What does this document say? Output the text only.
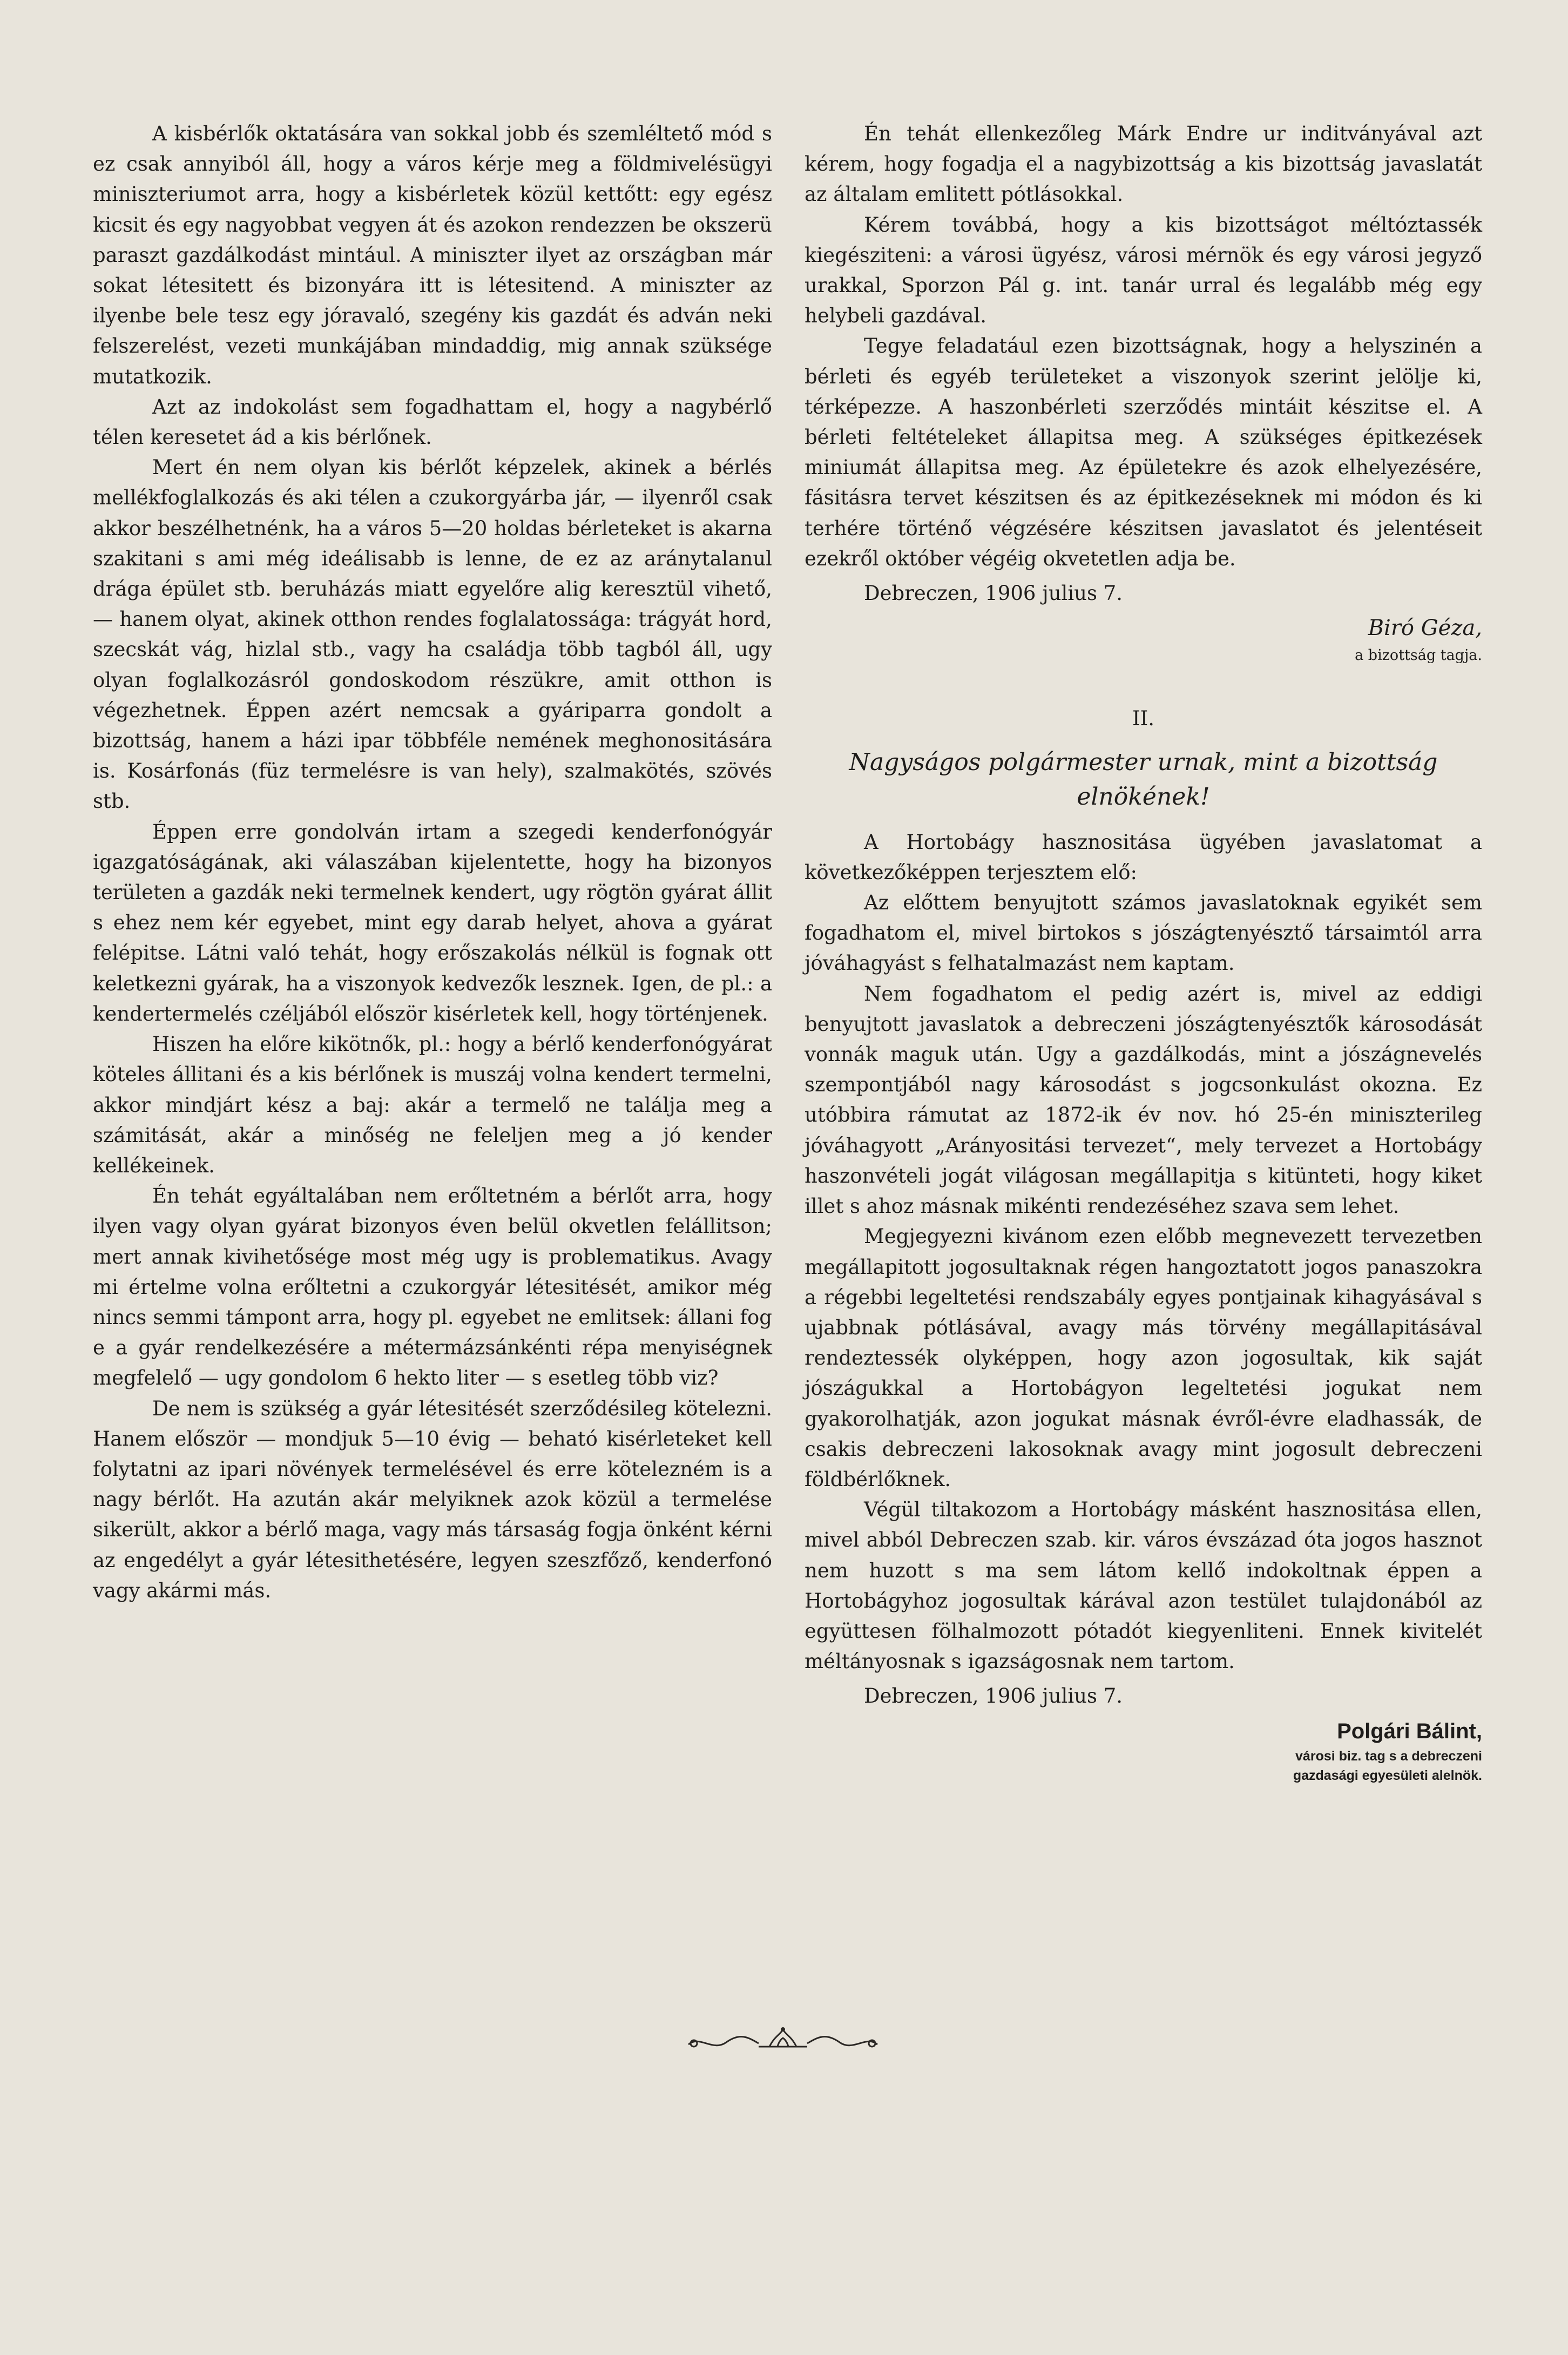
A kisbérlők oktatására van sokkal jobb és szemléltető mód s ez csak annyiból áll, hogy a város kérje meg a földmivelésügyi miniszteriumot arra, hogy a kisbérletek közül kettőtt: egy egész kicsit és egy nagyobbat vegyen át és azokon rendezzen be okszerü paraszt gazdálkodást mintául. A miniszter ilyet az országban már sokat létesitett és bizonyára itt is létesitend. A miniszter az ilyenbe bele tesz egy jóravaló, szegény kis gazdát és adván neki felszerelést, vezeti munkájában mindaddig, mig annak szüksége mutatkozik.

Azt az indokolást sem fogadhattam el, hogy a nagybérlő télen keresetet ád a kis bérlőnek.

Mert én nem olyan kis bérlőt képzelek, akinek a bérlés mellékfoglalkozás és aki télen a czukorgyárba jár, — ilyenről csak akkor beszélhetnénk, ha a város 5—20 holdas bérleteket is akarna szakitani s ami még ideálisabb is lenne, de ez az aránytalanul drága épület stb. beruházás miatt egyelőre alig keresztül vihető, — hanem olyat, akinek otthon rendes foglalatossága: trágyát hord, szecskát vág, hizlal stb., vagy ha családja több tagból áll, ugy olyan foglalkozásról gondoskodom részükre, amit otthon is végezhetnek. Éppen azért nemcsak a gyáriparra gondolt a bizottság, hanem a házi ipar többféle nemének meghonositására is. Kosárfonás (füz termelésre is van hely), szalmakötés, szövés stb.

Éppen erre gondolván irtam a szegedi kenderfonógyár igazgatóságának, aki válaszában kijelentette, hogy ha bizonyos területen a gazdák neki termelnek kendert, ugy rögtön gyárat állit s ehez nem kér egyebet, mint egy darab helyet, ahova a gyárat felépitse. Látni való tehát, hogy erőszakolás nélkül is fognak ott keletkezni gyárak, ha a viszonyok kedvezők lesznek. Igen, de pl.: a kendertermelés czéljából először kisérletek kell, hogy történjenek.

Hiszen ha előre kikötnők, pl.: hogy a bérlő kenderfonógyárat köteles állitani és a kis bérlőnek is muszáj volna kendert termelni, akkor mindjárt kész a baj: akár a termelő ne találja meg a számitását, akár a minőség ne feleljen meg a jó kender kellékeinek.

Én tehát egyáltalában nem erőltetném a bérlőt arra, hogy ilyen vagy olyan gyárat bizonyos éven belül okvetlen felállitson; mert annak kivihetősége most még ugy is problematikus. Avagy mi értelme volna erőltetni a czukorgyár létesitését, amikor még nincs semmi támpont arra, hogy pl. egyebet ne emlitsek: állani fog e a gyár rendelkezésére a métermázsánkénti répa menyiségnek megfelelő — ugy gondolom 6 hekto liter — s esetleg több viz?

De nem is szükség a gyár létesitését szerződésileg kötelezni. Hanem először — mondjuk 5—10 évig — beható kisérleteket kell folytatni az ipari növények termelésével és erre kötelezném is a nagy bérlőt. Ha azután akár melyiknek azok közül a termelése sikerült, akkor a bérlő maga, vagy más társaság fogja önként kérni az engedélyt a gyár létesithetésére, legyen szeszfőző, kenderfonó vagy akármi más.

Én tehát ellenkezőleg Márk Endre ur inditványával azt kérem, hogy fogadja el a nagybizottság a kis bizottság javaslatát az általam emlitett pótlásokkal.

Kérem továbbá, hogy a kis bizottságot méltóztassék kiegésziteni: a városi ügyész, városi mérnök és egy városi jegyző urakkal, Sporzon Pál g. int. tanár urral és legalább még egy helybeli gazdával.

Tegye feladatául ezen bizottságnak, hogy a helyszinén a bérleti és egyéb területeket a viszonyok szerint jelölje ki, térképezze. A haszonbérleti szerződés mintáit készitse el. A bérleti feltételeket állapitsa meg. A szükséges épitkezések miniumát állapitsa meg. Az épületekre és azok elhelyezésére, fásitásra tervet készitsen és az épitkezéseknek mi módon és ki terhére történő végzésére készitsen javaslatot és jelentéseit ezekről október végéig okvetetlen adja be.

Debreczen, 1906 julius 7.

Biró Géza,
a bizottság tagja.

II.

Nagyságos polgármester urnak, mint a bizottság elnökének!

A Hortobágy hasznositása ügyében javaslatomat a következőképpen terjesztem elő:

Az előttem benyujtott számos javaslatoknak egyikét sem fogadhatom el, mivel birtokos s jószágtenyésztő társaimtól arra jóváhagyást s felhatalmazást nem kaptam.

Nem fogadhatom el pedig azért is, mivel az eddigi benyujtott javaslatok a debreczeni jószágtenyésztők károsodását vonnák maguk után. Ugy a gazdálkodás, mint a jószágnevelés szempontjából nagy károsodást s jogcsonkulást okozna. Ez utóbbira rámutat az 1872-ik év nov. hó 25-én miniszterileg jóváhagyott „Arányositási tervezet“, mely tervezet a Hortobágy haszonvételi jogát világosan megállapitja s kitünteti, hogy kiket illet s ahoz másnak mikénti rendezéséhez szava sem lehet.

Megjegyezni kivánom ezen előbb megnevezett tervezetben megállapitott jogosultaknak régen hangoztatott jogos panaszokra a régebbi legeltetési rendszabály egyes pontjainak kihagyásával s ujabbnak pótlásával, avagy más törvény megállapitásával rendeztessék olyképpen, hogy azon jogosultak, kik saját jószágukkal a Hortobágyon legeltetési jogukat nem gyakorolhatják, azon jogukat másnak évről-évre eladhassák, de csakis debreczeni lakosoknak avagy mint jogosult debreczeni földbérlőknek.

Végül tiltakozom a Hortobágy másként hasznositása ellen, mivel abból Debreczen szab. kir. város évszázad óta jogos hasznot nem huzott s ma sem látom kellő indokoltnak éppen a Hortobágyhoz jogosultak kárával azon testület tulajdonából az együttesen fölhalmozott pótadót kiegyenliteni. Ennek kivitelét méltányosnak s igazságosnak nem tartom.

Debreczen, 1906 julius 7.

Polgári Bálint,
városi biz. tag s a debreczeni
gazdasági egyesületi alelnök.
